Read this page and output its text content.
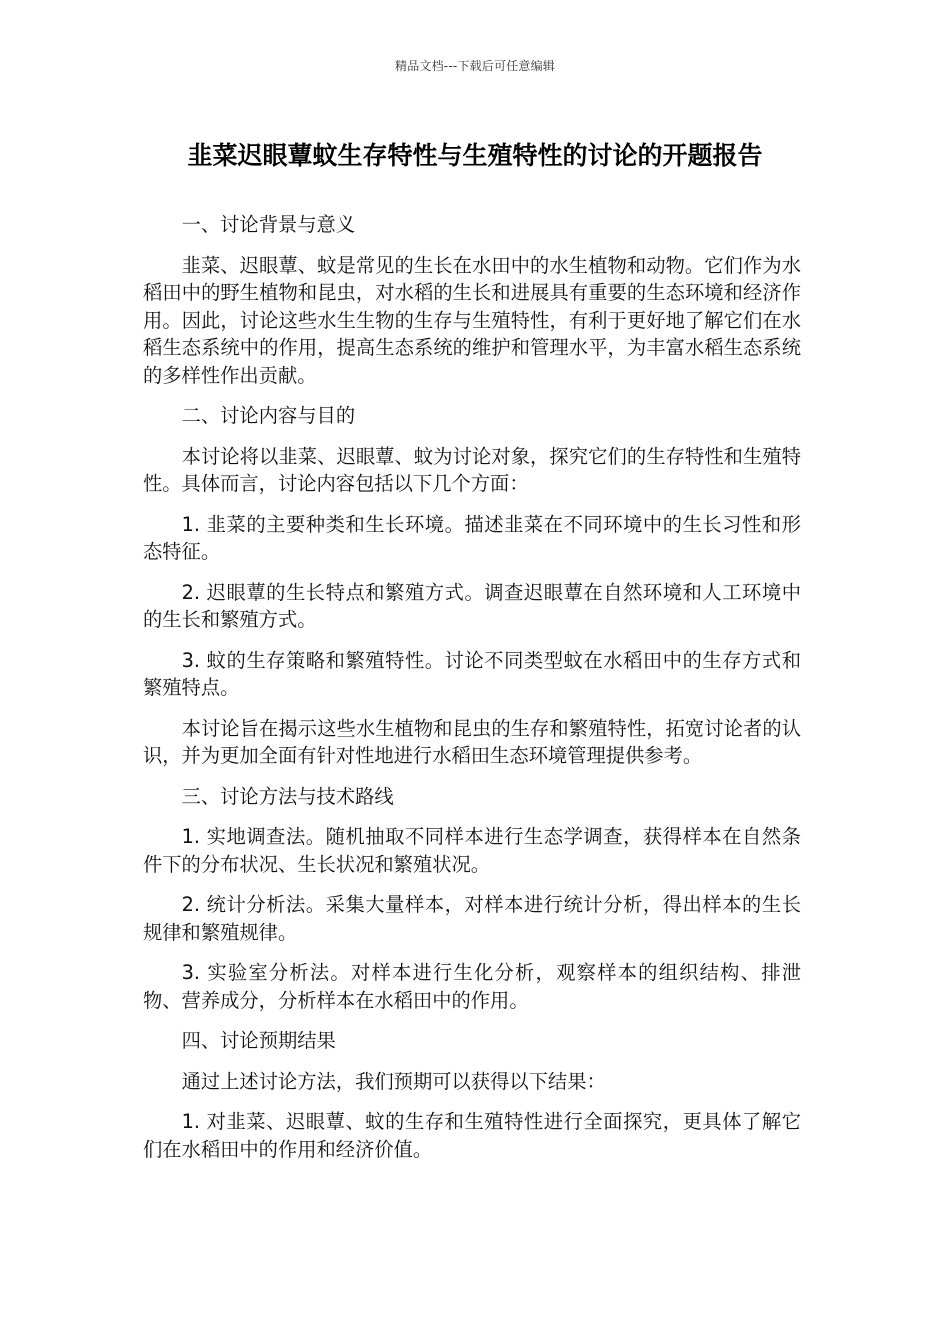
精品文档---下载后可任意编辑
韭菜迟眼蕈蚊生存特性与生殖特性的讨论的开题报告

一、讨论背景与意义

韭菜、迟眼蕈、蚊是常见的生长在水田中的水生植物和动物。它们作为水稻田中的野生植物和昆虫，对水稻的生长和进展具有重要的生态环境和经济作用。因此，讨论这些水生生物的生存与生殖特性，有利于更好地了解它们在水稻生态系统中的作用，提高生态系统的维护和管理水平，为丰富水稻生态系统的多样性作出贡献。

二、讨论内容与目的

本讨论将以韭菜、迟眼蕈、蚊为讨论对象，探究它们的生存特性和生殖特性。具体而言，讨论内容包括以下几个方面：

1. 韭菜的主要种类和生长环境。描述韭菜在不同环境中的生长习性和形态特征。

2. 迟眼蕈的生长特点和繁殖方式。调查迟眼蕈在自然环境和人工环境中的生长和繁殖方式。

3. 蚊的生存策略和繁殖特性。讨论不同类型蚊在水稻田中的生存方式和繁殖特点。

本讨论旨在揭示这些水生植物和昆虫的生存和繁殖特性，拓宽讨论者的认识，并为更加全面有针对性地进行水稻田生态环境管理提供参考。

三、讨论方法与技术路线

1. 实地调查法。随机抽取不同样本进行生态学调查，获得样本在自然条件下的分布状况、生长状况和繁殖状况。

2. 统计分析法。采集大量样本，对样本进行统计分析，得出样本的生长规律和繁殖规律。

3. 实验室分析法。对样本进行生化分析，观察样本的组织结构、排泄物、营养成分，分析样本在水稻田中的作用。

四、讨论预期结果

通过上述讨论方法，我们预期可以获得以下结果：

1. 对韭菜、迟眼蕈、蚊的生存和生殖特性进行全面探究，更具体了解它们在水稻田中的作用和经济价值。
